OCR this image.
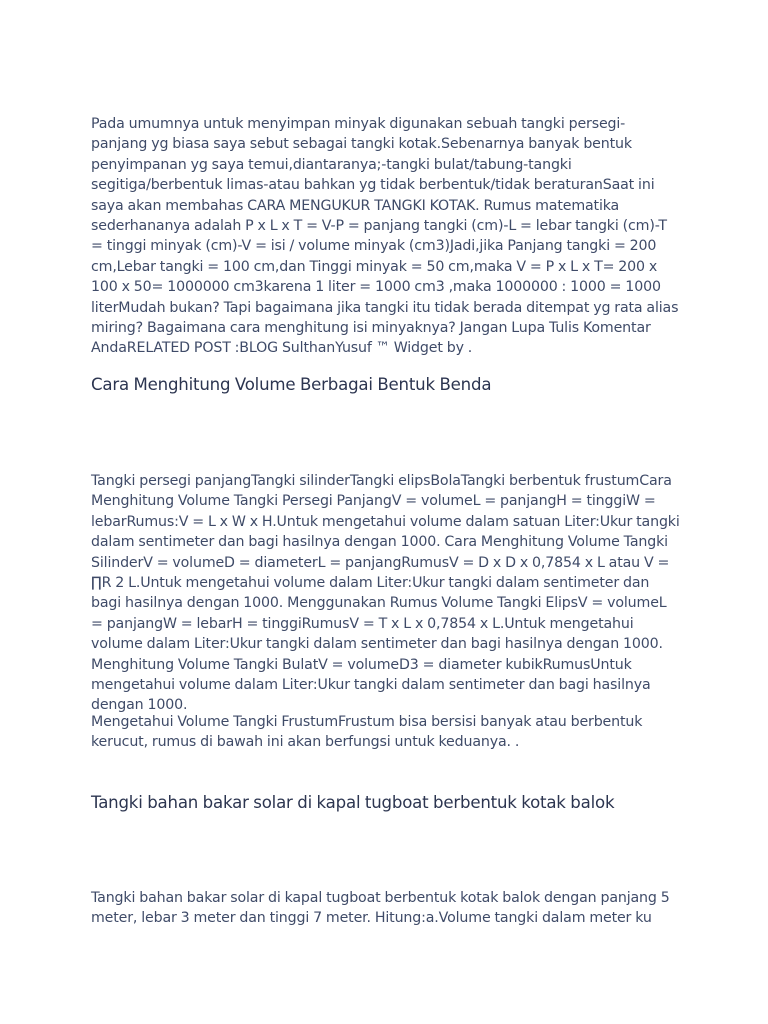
Pada umumnya untuk menyimpan minyak digunakan sebuah tangki persegi-panjang yg biasa saya sebut sebagai tangki kotak.Sebenarnya banyak bentuk penyimpanan yg saya temui,diantaranya;-tangki bulat/tabung-tangki segitiga/berbentuk limas-atau bahkan yg tidak berbentuk/tidak beraturanSaat ini saya akan membahas CARA MENGUKUR TANGKI KOTAK. Rumus matematika sederhananya adalah P x L x T = V-P = panjang tangki (cm)-L = lebar tangki (cm)-T = tinggi minyak (cm)-V = isi / volume minyak (cm3)Jadi,jika Panjang tangki = 200 cm,Lebar tangki = 100 cm,dan Tinggi minyak = 50 cm,maka V = P x L x T= 200 x 100 x 50= 1000000 cm3karena 1 liter = 1000 cm3 ,maka 1000000 : 1000 = 1000 literMudah bukan? Tapi bagaimana jika tangki itu tidak berada ditempat yg rata alias miring? Bagaimana cara menghitung isi minyaknya? Jangan Lupa Tulis Komentar AndaRELATED POST :BLOG SulthanYusuf ™ Widget by .

Cara Menghitung Volume Berbagai Bentuk Benda

Tangki persegi panjangTangki silinderTangki elipsBolaTangki berbentuk frustumCara Menghitung Volume Tangki Persegi PanjangV = volumeL = panjangH = tinggiW = lebarRumus:V = L x W x H.Untuk mengetahui volume dalam satuan Liter:Ukur tangki dalam sentimeter dan bagi hasilnya dengan 1000. Cara Menghitung Volume Tangki SilinderV = volumeD = diameterL = panjangRumusV = D x D x 0,7854 x L atau V = ∏R 2 L.Untuk mengetahui volume dalam Liter:Ukur tangki dalam sentimeter dan bagi hasilnya dengan 1000. Menggunakan Rumus Volume Tangki ElipsV = volumeL = panjangW = lebarH = tinggiRumusV = T x L x 0,7854 x L.Untuk mengetahui volume dalam Liter:Ukur tangki dalam sentimeter dan bagi hasilnya dengan 1000. Menghitung Volume Tangki BulatV = volumeD3 = diameter kubikRumusUntuk mengetahui volume dalam Liter:Ukur tangki dalam sentimeter dan bagi hasilnya dengan 1000.

Mengetahui Volume Tangki FrustumFrustum bisa bersisi banyak atau berbentuk kerucut, rumus di bawah ini akan berfungsi untuk keduanya. .

Tangki bahan bakar solar di kapal tugboat berbentuk kotak balok

Tangki bahan bakar solar di kapal tugboat berbentuk kotak balok dengan panjang 5 meter, lebar 3 meter dan tinggi 7 meter. Hitung:a.Volume tangki dalam meter ku
